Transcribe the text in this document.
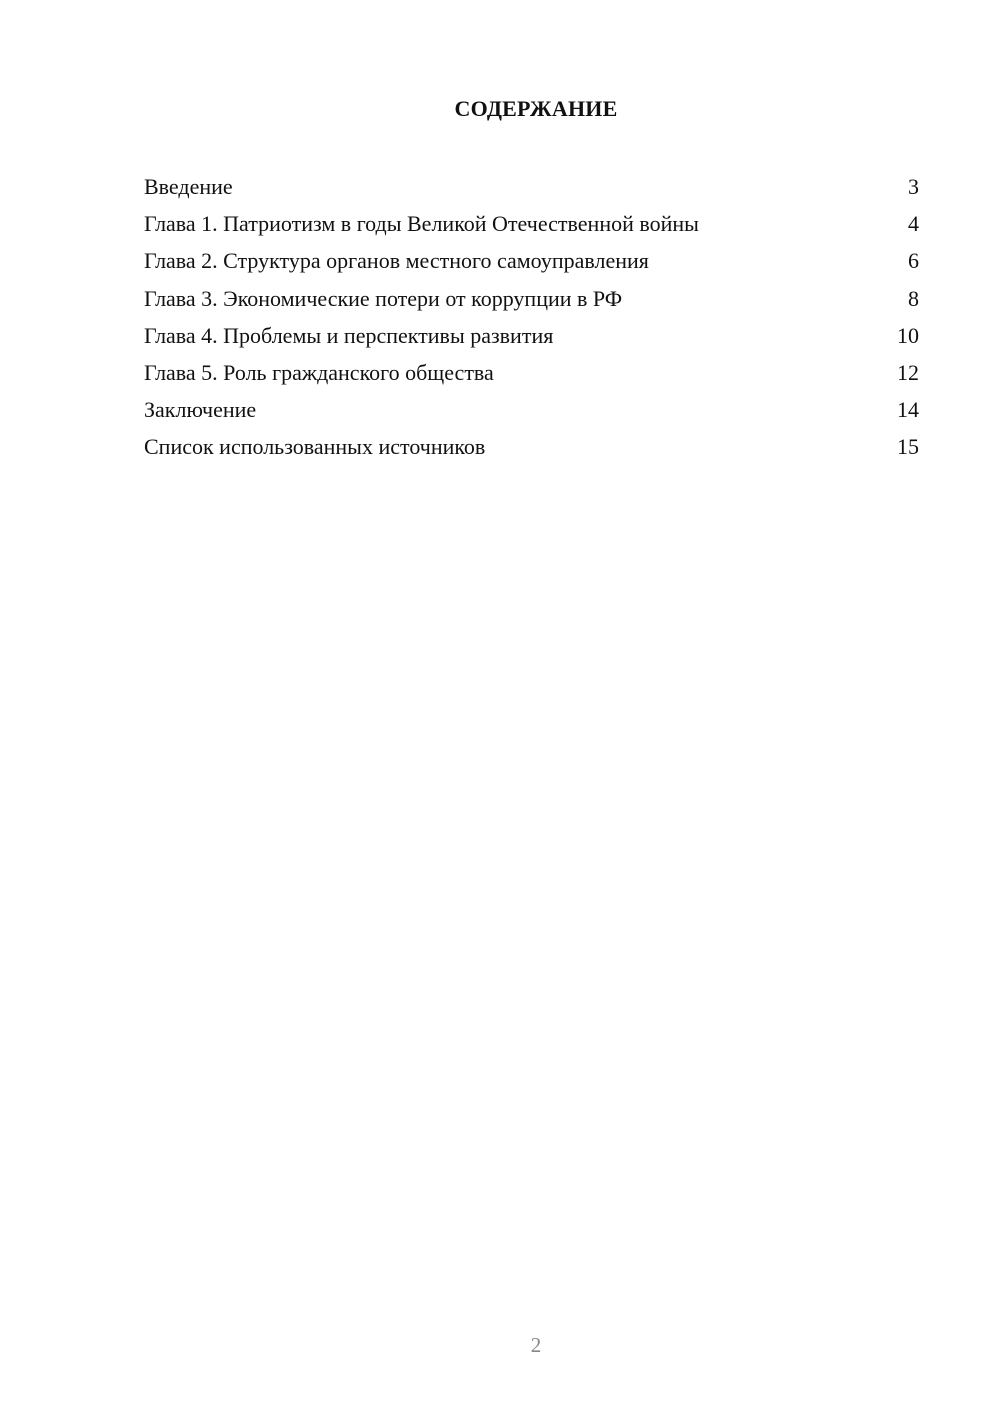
СОДЕРЖАНИЕ
Введение	3
Глава 1. Патриотизм в годы Великой Отечественной войны	4
Глава 2. Структура органов местного самоуправления	6
Глава 3. Экономические потери от коррупции в РФ	8
Глава 4. Проблемы и перспективы развития	10
Глава 5. Роль гражданского общества	12
Заключение	14
Список использованных источников	15
2
